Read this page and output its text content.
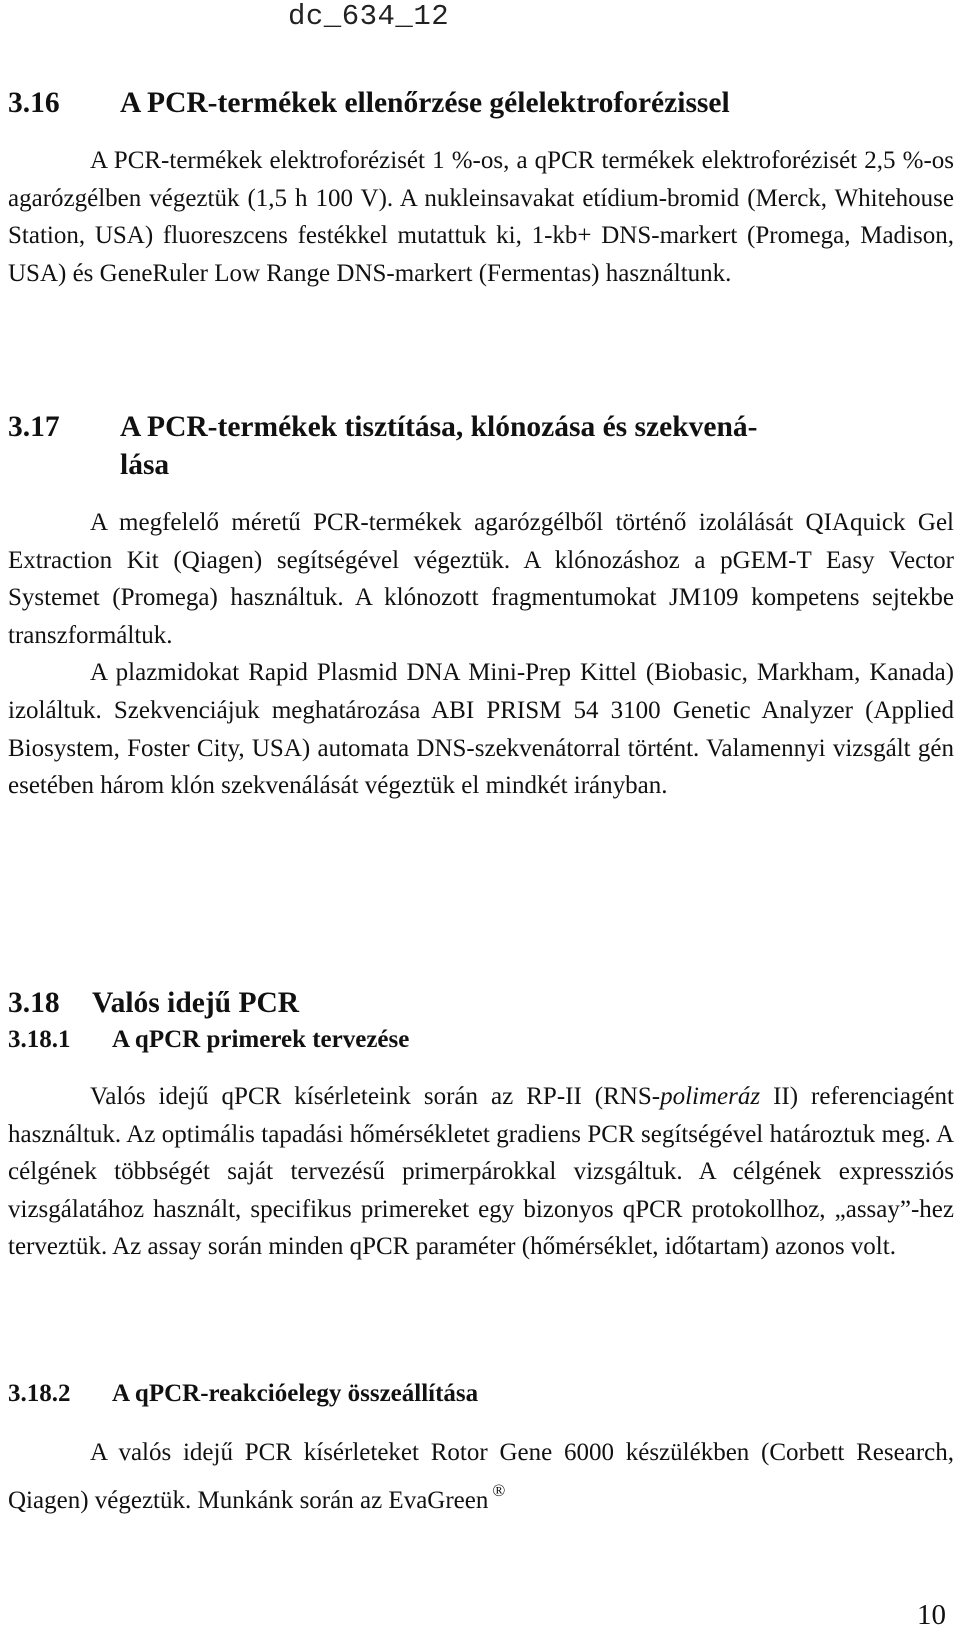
dc_634_12
3.16 A PCR-termékek ellenőrzése gélelektroforézissel

A PCR-termékek elektroforézisét 1 %-os, a qPCR termékek elektroforézisét 2,5 %-os agarózgélben végeztük (1,5 h 100 V). A nukleinsavakat etídium-bromid (Merck, Whitehouse Station, USA) fluoreszcens festékkel mutattuk ki, 1-kb+ DNS-markert (Promega, Madison, USA) és GeneRuler Low Range DNS-markert (Fermentas) használtunk.

3.17 A PCR-termékek tisztítása, klónozása és szekvená-
lása

A megfelelő méretű PCR-termékek agarózgélből történő izolálását QIAquick Gel Extraction Kit (Qiagen) segítségével végeztük. A klónozáshoz a pGEM-T Easy Vector Systemet (Promega) használtuk. A klónozott fragmentumokat JM109 kompetens sejtekbe transzformáltuk.

A plazmidokat Rapid Plasmid DNA Mini-Prep Kittel (Biobasic, Markham, Kanada) izoláltuk. Szekvenciájuk meghatározása ABI PRISM 54 3100 Genetic Analyzer (Applied Biosystem, Foster City, USA) automata DNS-szekvenátorral történt. Valamennyi vizsgált gén esetében három klón szekvenálását végeztük el mindkét irányban.

3.18 Valós idejű PCR
3.18.1 A qPCR primerek tervezése

Valós idejű qPCR kísérleteink során az RP-II (RNS-polimeráz II) referenciagént használtuk. Az optimális tapadási hőmérsékletet gradiens PCR segítségével határoztuk meg. A célgének többségét saját tervezésű primerpárokkal vizsgáltuk. A célgének expressziós vizsgálatához használt, specifikus primereket egy bizonyos qPCR protokollhoz, „assay”-hez terveztük. Az assay során minden qPCR paraméter (hőmérséklet, időtartam) azonos volt.

3.18.2 A qPCR-reakcióelegy összeállítása

A valós idejű PCR kísérleteket Rotor Gene 6000 készülékben (Corbett Research, Qiagen) végeztük. Munkánk során az EvaGreen ®

10
